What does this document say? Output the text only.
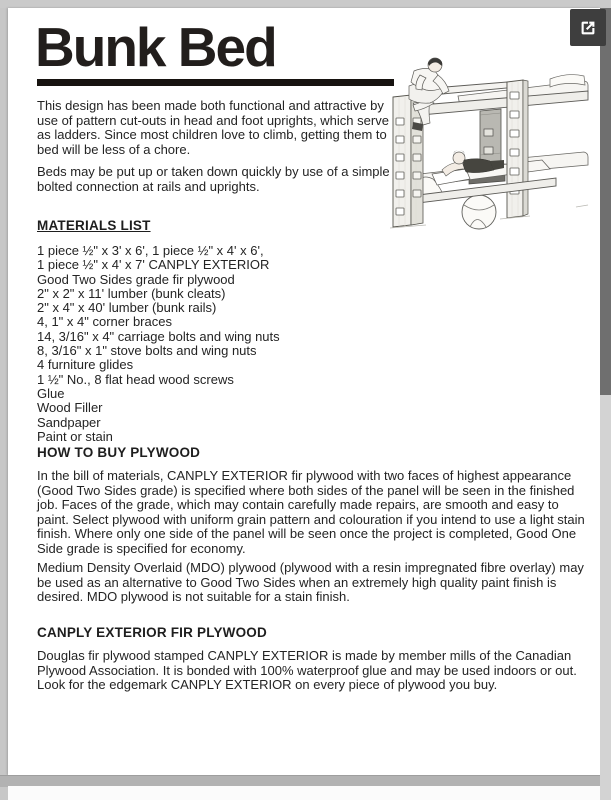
Bunk Bed

This design has been made both functional and attractive by use of pattern cut-outs in head and foot uprights, which serve as ladders. Since most children love to climb, getting them to bed will be less of a chore.

Beds may be put up or taken down quickly by use of a simple bolted connection at rails and uprights.

MATERIALS LIST
1 piece ½" x 3' x 6', 1 piece ½" x 4' x 6',
1 piece ½" x 4' x 7' CANPLY EXTERIOR
Good Two Sides grade fir plywood
2" x 2" x 11' lumber (bunk cleats)
2" x 4" x 40' lumber (bunk rails)
4, 1" x 4" corner braces
14, 3/16" x 4" carriage bolts and wing nuts
8, 3/16" x 1" stove bolts and wing nuts
4 furniture glides
1 ½" No., 8 flat head wood screws
Glue
Wood Filler
Sandpaper
Paint or stain
HOW TO BUY PLYWOOD
In the bill of materials, CANPLY EXTERIOR fir plywood with two faces of highest appearance (Good Two Sides grade) is specified where both sides of the panel will be seen in the finished job. Faces of the grade, which may contain carefully made repairs, are smooth and easy to paint. Select plywood with uniform grain pattern and colouration if you intend to use a light stain finish. Where only one side of the panel will be seen once the project is completed, Good One Side grade is specified for economy.
Medium Density Overlaid (MDO) plywood (plywood with a resin impregnated fibre overlay) may be used as an alternative to Good Two Sides when an extremely high quality paint finish is desired. MDO plywood is not suitable for a stain finish.
CANPLY EXTERIOR FIR PLYWOOD
Douglas fir plywood stamped CANPLY EXTERIOR is made by member mills of the Canadian Plywood Association. It is bonded with 100% waterproof glue and may be used indoors or out. Look for the edgemark CANPLY EXTERIOR on every piece of plywood you buy.
